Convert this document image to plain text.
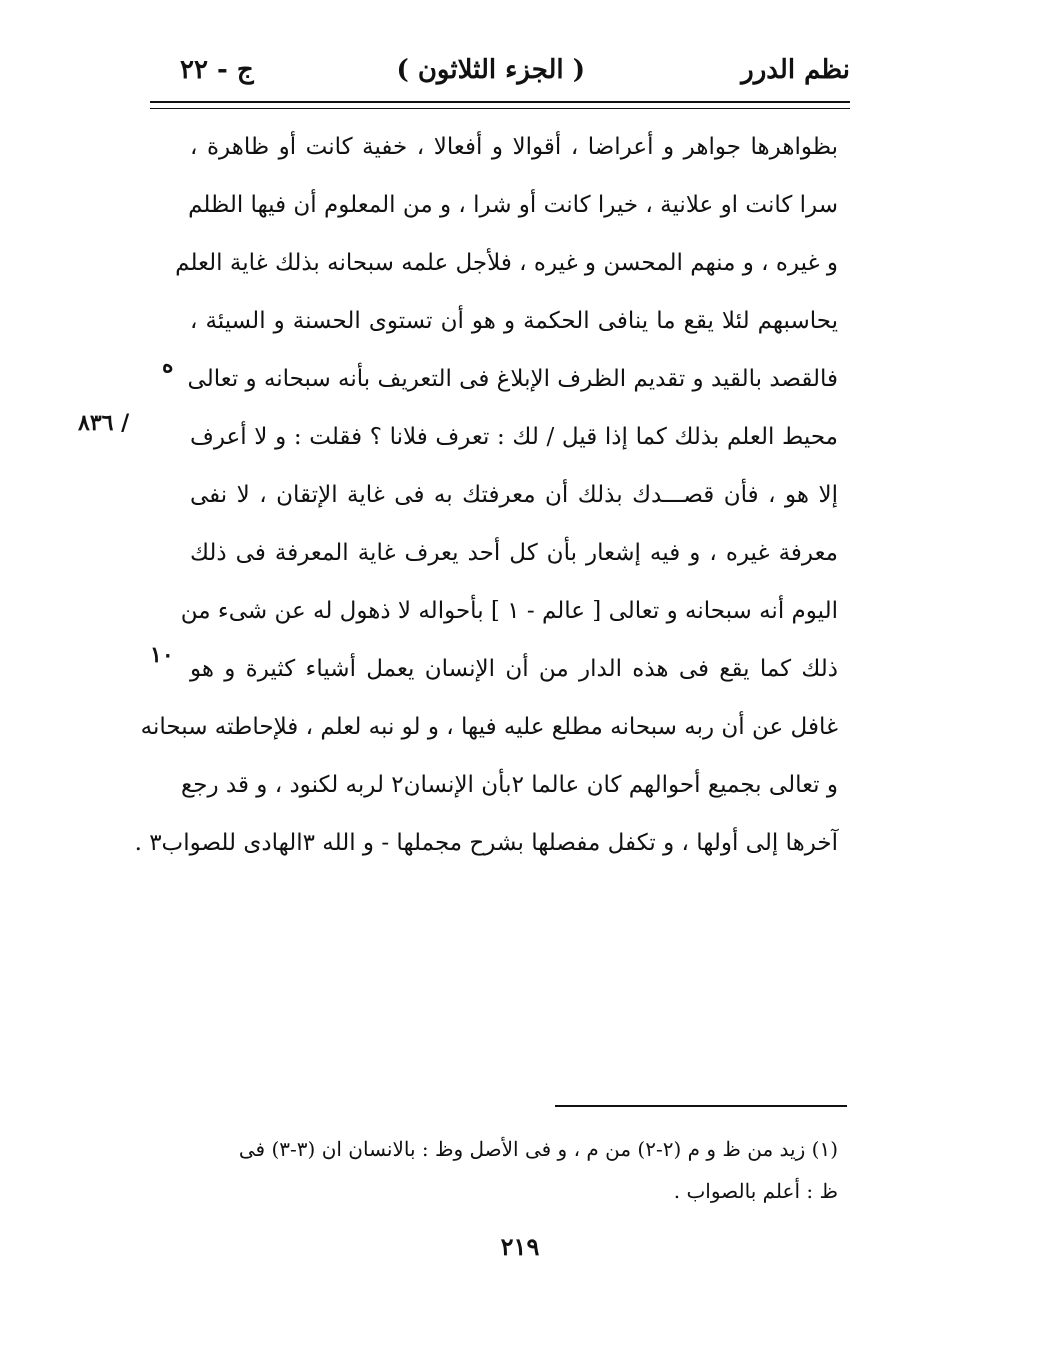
نظم الدرر
( الجزء الثلاثون )
ج - ٢٢
بظواهرها جواهر و أعراضا ، أقوالا و أفعالا ، خفية كانت أو ظاهرة ،
سرا كانت او علانية ، خيرا كانت أو شرا ، و من المعلوم أن فيها الظلم
و غيره ، و منهم المحسن و غيره ، فلأجل علمه سبحانه بذلك غاية العلم
يحاسبهم لئلا يقع ما ينافى الحكمة و هو أن تستوى الحسنة و السيئة ،
فالقصد بالقيد و تقديم الظرف الإبلاغ فى التعريف بأنه سبحانه و تعالى
محيط العلم بذلك كما إذا قيل / لك : تعرف فلانا ؟ فقلت : و لا أعرف
إلا هو ، فأن قصـــدك بذلك أن معرفتك به فى غاية الإتقان ، لا نفى
معرفة غيره ، و فيه إشعار بأن كل أحد يعرف غاية المعرفة فى ذلك
اليوم أنه سبحانه و تعالى [ عالم - ١ ] بأحواله لا ذهول له عن شىء من
ذلك كما يقع فى هذه الدار من أن الإنسان يعمل أشياء كثيرة و هو
غافل عن أن ربه سبحانه مطلع عليه فيها ، و لو نبه لعلم ، فلإحاطته سبحانه
و تعالى بجميع أحوالهم كان عالما ٢بأن الإنسان٢ لربه لكنود ، و قد رجع
آخرها إلى أولها ، و تكفل مفصلها بشرح مجملها - و الله ٣الهادى للصواب٣ .
ه
/ ٨٣٦
١٠
(١) زيد من ظ و م (٢-٢) من م ، و فى الأصل وظ : بالانسان ان (٣-٣) فى
ظ : أعلم بالصواب .
٢١٩
